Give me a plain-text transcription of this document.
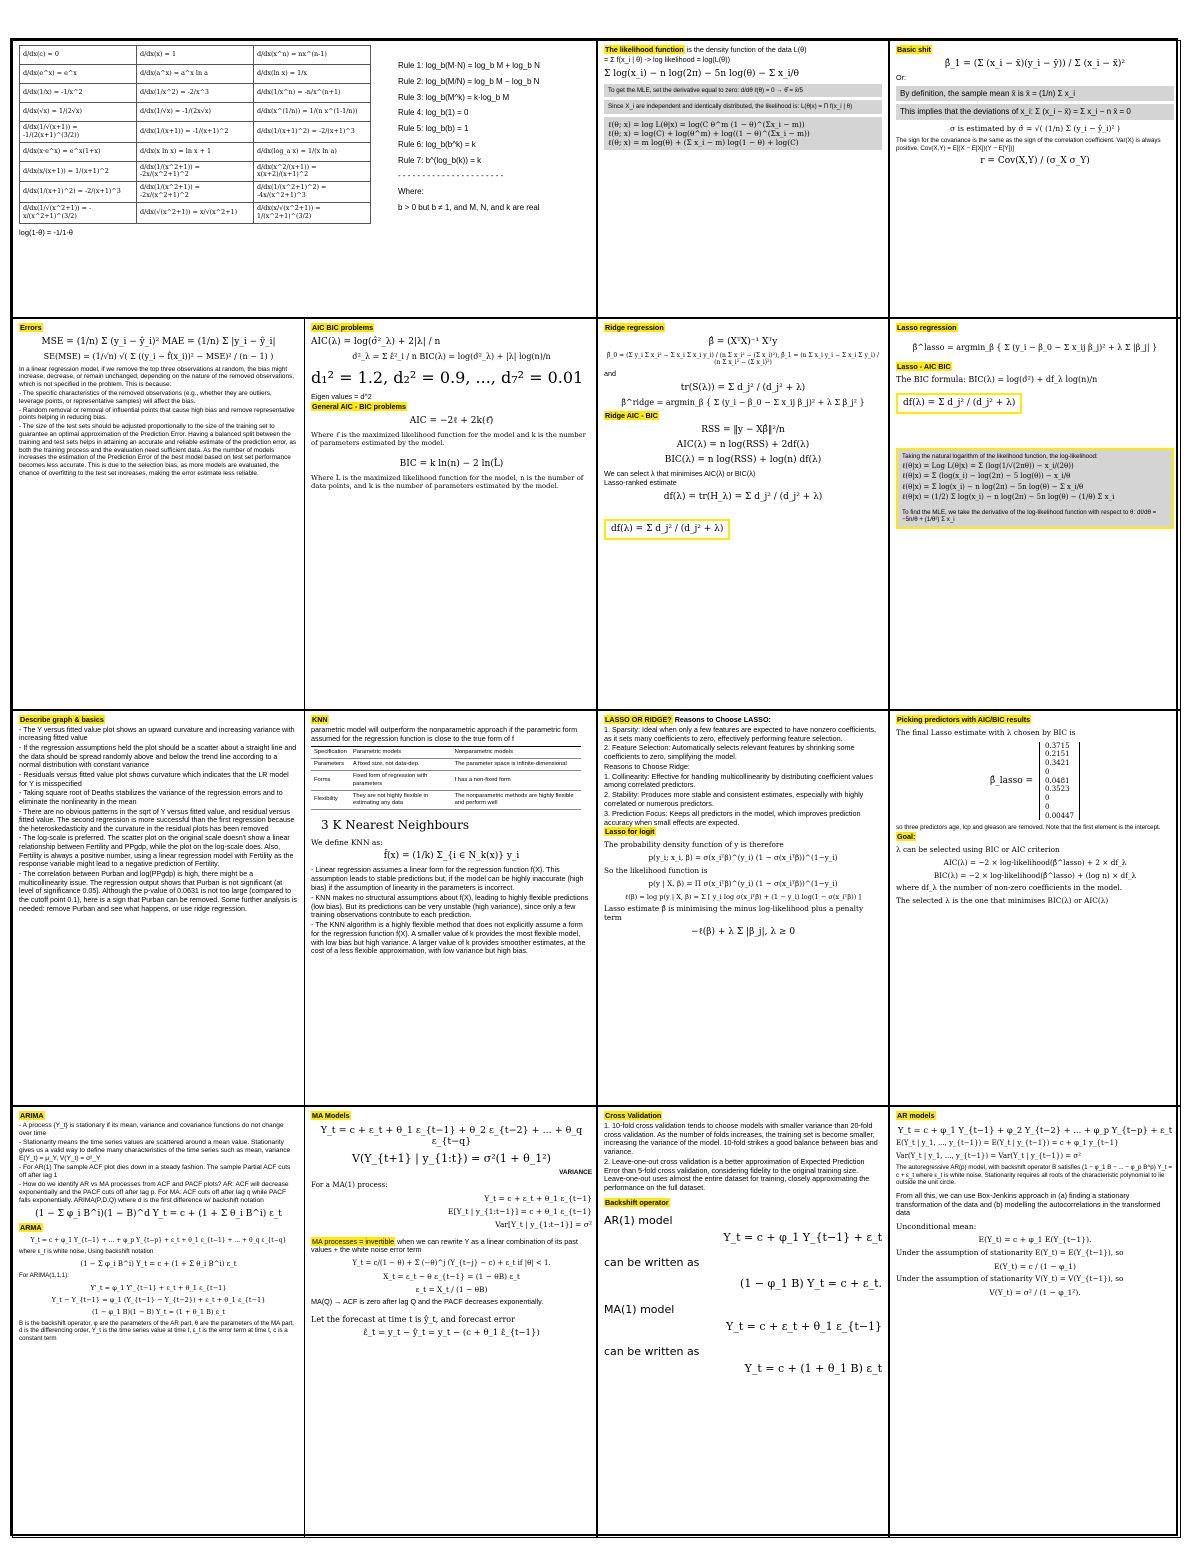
d/dx(c) = 0	d/dx(x) = 1	d/dx(x^n) = nx^(n-1)
d/dx(e^x) = e^x	d/dx(a^x) = a^x ln a	d/dx(ln x) = 1/x
d/dx(1/x) = -1/x^2	d/dx(1/x^2) = -2/x^3	d/dx(1/x^n) = -n/x^(n+1)
d/dx(√x) = 1/(2√x)	d/dx(1/√x) = -1/(2x√x)	d/dx(x^(1/n)) = 1/(n x^(1-1/n))
d/dx(1/√(x+1)) = -1/(2(x+1)^(3/2))	d/dx(1/(x+1)) = -1/(x+1)^2	d/dx(1/(x+1)^2) = -2/(x+1)^3
d/dx(x·e^x) = e^x(1+x)	d/dx(x ln x) = ln x + 1	d/dx(log_a x) = 1/(x ln a)
d/dx(x/(x+1)) = 1/(x+1)^2	d/dx(1/(x^2+1)) = -2x/(x^2+1)^2	d/dx(x^2/(x+1)) = x(x+2)/(x+1)^2
d/dx(1/(x+1)^2) = -2/(x+1)^3	d/dx(1/(x^2+1)) = -2x/(x^2+1)^2	d/dx(1/(x^2+1)^2) = -4x/(x^2+1)^3
d/dx(1/√(x^2+1)) = -x/(x^2+1)^(3/2)	d/dx(√(x^2+1)) = x/√(x^2+1)	d/dx(x/√(x^2+1)) = 1/(x^2+1)^(3/2)
log(1-θ) = -1/1-θ
Rule 1: log_b(M·N) = log_b M + log_b N
Rule 2: log_b(M/N) = log_b M − log_b N
Rule 3: log_b(M^k) = k·log_b M
Rule 4: log_b(1) = 0
Rule 5: log_b(b) = 1
Rule 6: log_b(b^k) = k
Rule 7: b^(log_b(k)) = k
- - - - - - - - - - - - - - - - - - - - - -
Where:
b > 0 but b ≠ 1, and M, N, and k are real
The likelihood function is the density function of the data L(θ)
= Σ f(x_i | θ) -> log likelihood = log(L(θ))
Σ log(x_i) − n log(2π) − 5n log(θ) − Σ x_i/θ
To get the MLE, set the derivative equal to zero: d/dθ ℓ(θ) = 0 → θ̂ = x̄/5
Since X_i are independent and identically distributed, the likelihood is: L(θ|x) = Π f(x_i | θ)
ℓ(θ; x) = log L(θ|x) = log(C θ^m (1 − θ)^(Σx_i − m))
ℓ(θ; x) = log(C) + log(θ^m) + log((1 − θ)^(Σx_i − m))
ℓ(θ; x) = m log(θ) + (Σ x_i − m) log(1 − θ) + log(C)
Basic shit
β̂_1 = (Σ (x_i − x̄)(y_i − ȳ)) / Σ (x_i − x̄)²
Or:
By definition, the sample mean x̄ is x̄ = (1/n) Σ x_i
This implies that the deviations of x_i: Σ (x_i − x̄) = Σ x_i − n x̄ = 0
σ is estimated by σ̂ = √( (1/n) Σ (y_i − ŷ_i)² )
The sign for the covariance is the same as the sign of the correlation coefficient. Var(X) is always positive. Cov(X,Y) = E[(X − E[X])(Y − E[Y])]
r = Cov(X,Y) / (σ_X σ_Y)
Errors
MSE = (1/n) Σ (y_i − ŷ_i)² MAE = (1/n) Σ |y_i − ŷ_i|
SE(MSE) = (1/√n) √( Σ ((y_i − f̂(x_i))² − MSE)² / (n − 1) )
In a linear regression model, if we remove the top three observations at random, the bias might increase, decrease, or remain unchanged, depending on the nature of the removed observations, which is not specified in the problem. This is because:
- The specific characteristics of the removed observations (e.g., whether they are outliers, leverage points, or representative samples) will affect the bias.
- Random removal or removal of influential points that cause high bias and remove representative points helping in reducing bias.
- The size of the test sets should be adjusted proportionally to the size of the training set to guarantee an optimal approximation of the Prediction Error. Having a balanced split between the training and test sets helps in attaining an accurate and reliable estimate of the prediction error, as both the training process and the evaluation need sufficient data. As the number of models increases the estimation of the Prediction Error of the best model based on test set performance becomes less accurate. This is due to the selection bias, as more models are evaluated, the chance of overfitting to the test set increases, making the error estimate less reliable.
AIC BIC problems
AIC(λ) = log(σ̂²_λ) + 2|λ| / n
σ̂²_λ = Σ ε̂²_i / n BIC(λ) = log(σ̂²_λ) + |λ| log(n)/n
d₁² = 1.2, d₂² = 0.9, ..., d₇² = 0.01
Eigen values = d^2
General AIC - BIC problems
AIC = −2ℓ + 2k(ℓ̂)
Where ℓ̂ is the maximized likelihood function for the model and k is the number of parameters estimated by the model.
BIC = k ln(n) − 2 ln(L̂)
Where L̂ is the maximized likelihood function for the model, n is the number of data points, and k is the number of parameters estimated by the model.
Ridge regression
β̂ = (XᵀX)⁻¹ Xᵀy
β̂_0 = (Σ y_i Σ x_i² − Σ x_i Σ x_i y_i) / (n Σ x_i² − (Σ x_i)²), β̂_1 = (n Σ x_i y_i − Σ x_i Σ y_i) / (n Σ x_i² − (Σ x_i)²)
and
tr(S(λ)) = Σ d_j² / (d_j² + λ)
β̂^ridge = argmin_β { Σ (y_i − β_0 − Σ x_ij β_j)² + λ Σ β_j² }
Ridge AIC - BIC
RSS = ‖y − Xβ̂‖²/n
AIC(λ) = n log(RSS) + 2df(λ)
BIC(λ) = n log(RSS) + log(n) df(λ)
We can select λ that minimises AIC(λ) or BIC(λ)
Lasso-ranked estimate
df(λ) = tr(H_λ) = Σ d_j² / (d_j² + λ)
df(λ) = Σ d_j² / (d_j² + λ)
Lasso regression
β̂^lasso = argmin_β { Σ (y_i − β_0 − Σ x_ij β_j)² + λ Σ |β_j| }
Lasso - AIC BIC
The BIC formula: BIC(λ) = log(σ̂²) + df_λ log(n)/n
df(λ) = Σ d_j² / (d_j² + λ)
Taking the natural logarithm of the likelihood function, the log-likelihood:
ℓ(θ|x) = Log L(θ|x) = Σ (log(1/√(2πθ)) − x_i/(2θ))
ℓ(θ|x) = Σ (log(x_i) − log(2π) − 5 log(θ)) − x_i/θ
ℓ(θ|x) = Σ log(x_i) − n log(2π) − 5n log(θ) − Σ x_i/θ
ℓ(θ|x) = (1/2) Σ log(x_i) − n log(2π) − 5n log(θ) − (1/θ) Σ x_i
To find the MLE, we take the derivative of the log-likelihood function with respect to θ: dℓ/dθ = −5n/θ + (1/θ²) Σ x_i
Describe graph & basics
- The Y versus fitted value plot shows an upward curvature and increasing variance with increasing fitted value
- If the regression assumptions held the plot should be a scatter about a straight line and the data should be spread randomly above and below the trend line according to a normal distribution with constant variance
- Residuals versus fitted value plot shows curvature which indicates that the LR model for Y is misspecified
- Taking square root of Deaths stabilizes the variance of the regression errors and to eliminate the nonlinearity in the mean
- There are no obvious patterns in the sqrt of Y versus fitted value, and residual versus fitted value. The second regression is more successful than the first regression because the heteroskedasticity and the curvature in the residual plots has been removed
- The log-scale is preferred. The scatter plot on the original scale doesn't show a linear relationship between Fertility and PPgdp, while the plot on the log-scale does. Also, Fertility is always a positive number, using a linear regression model with Fertility as the response variable might lead to a negative prediction of Fertility.
- The correlation between Purban and log(PPgdp) is high, there might be a multicollinearity issue. The regression output shows that Purban is not significant (at level of significance 0.05). Although the p-value of 0.0631 is not too large (compared to the cutoff point 0.1), here is a sign that Purban can be removed. Some further analysis is needed: remove Purban and see what happens, or use ridge regression.
KNN
parametric model will outperform the nonparametric approach if the parametric form assumed for the regression function is close to the true form of f
Specification	Parametric models	Nonparametric models
Parameters	A fixed size, not data-dep.	The parameter space is infinite-dimensional
Forms	Fixed form of regression with parameters	f has a non-fixed form
Flexibility	They are not highly flexible in estimating any data	The nonparametric methods are highly flexible and perform well
3 K Nearest Neighbours
We define KNN as:
f̂(x) = (1/k) Σ_{i ∈ N_k(x)} y_i
- Linear regression assumes a linear form for the regression function f(X). This assumption leads to stable predictions but, if the model can be highly inaccurate (high bias) if the assumption of linearity in the parameters is incorrect.
- KNN makes no structural assumptions about f(X), leading to highly flexible predictions (low bias). But its predictions can be very unstable (high variance), since only a few training observations contribute to each prediction.
- The KNN algorithm is a highly flexible method that does not explicitly assume a form for the regression function f(X). A smaller value of k provides the most flexible model, with low bias but high variance. A larger value of k provides smoother estimates, at the cost of a less flexible approximation, with low variance but high bias.
LASSO OR RIDGE? Reasons to Choose LASSO:
1. Sparsity: Ideal when only a few features are expected to have nonzero coefficients, as it sets many coefficients to zero, effectively performing feature selection.
2. Feature Selection: Automatically selects relevant features by shrinking some coefficients to zero, simplifying the model.
Reasons to Choose Ridge:
1. Collinearity: Effective for handling multicollinearity by distributing coefficient values among correlated predictors.
2. Stability: Produces more stable and consistent estimates, especially with highly correlated or numerous predictors.
3. Prediction Focus: Keeps all predictors in the model, which improves prediction accuracy when small effects are expected.
Lasso for logit
The probability density function of y is therefore
p(y_i; x_i, β) = σ(x_iᵀβ)^(y_i) (1 − σ(x_iᵀβ))^(1−y_i)
So the likelihood function is
p(y | X, β) = Π σ(x_iᵀβ)^(y_i) (1 − σ(x_iᵀβ))^(1−y_i)
ℓ(β) = log p(y | X, β) = Σ [ y_i log σ(x_iᵀβ) + (1 − y_i) log(1 − σ(x_iᵀβ)) ]
Lasso estimate β̂ is minimising the minus log-likelihood plus a penalty term
−ℓ(β) + λ Σ |β_j|, λ ≥ 0
Picking predictors with AIC/BIC results
The final Lasso estimate with λ chosen by BIC is
β̂_lasso =
0.3715
0.2151
0.3421
0
0.0481
0.3523
0
0
0.00447
so three predictors age, lcp and gleason are removed. Note that the first element is the intercept.
Goal:
λ can be selected using BIC or AIC criterion
AIC(λ) = −2 × log-likelihood(β̂^lasso) + 2 × df_λ
BIC(λ) = −2 × log-likelihood(β̂^lasso) + (log n) × df_λ
where df_λ the number of non-zero coefficients in the model.
The selected λ is the one that minimises BIC(λ) or AIC(λ)
ARIMA
- A process {Y_t} is stationary if its mean, variance and covariance functions do not change over time
- Stationarity means the time series values are scattered around a mean value. Stationarity gives us a valid way to define many characteristics of the time series such as mean, variance E(Y_t) = μ_Y, V(Y_t) = σ²_Y
- For AR(1) The sample ACF plot dies down in a steady fashion. The sample Partial ACF cuts off after lag 1
- How do we identify AR vs MA processes from ACF and PACF plots? AR: ACF will decrease exponentially and the PACF cuts off after lag p. For MA: ACF cuts off after lag q while PACF falls exponentially. ARIMA(P,D,Q) where d is the first difference w/ backshift notation
(1 − Σ φ_i B^i)(1 − B)^d Y_t = c + (1 + Σ θ_i B^i) ε_t
ARMA
Y_t = c + φ_1 Y_{t−1} + ... + φ_p Y_{t−p} + ε_t + θ_1 ε_{t−1} + ... + θ_q ε_{t−q}
where ε_t is white noise, Using backshift notation
(1 − Σ φ_i B^i) Y_t = c + (1 + Σ θ_i B^i) ε_t
For ARIMA(1,1,1):
Y'_t = φ_1 Y'_{t−1} + ε_t + θ_1 ε_{t−1}
Y_t − Y_{t−1} = φ_1 (Y_{t−1} − Y_{t−2}) + ε_t + θ_1 ε_{t−1}
(1 − φ_1 B)(1 − B) Y_t = (1 + θ_1 B) ε_t
B is the backshift operator, φ are the parameters of the AR part, θ are the parameters of the MA part, d is the differencing order, Y_t is the time series value at time t, ε_t is the error term at time t, c is a constant term
MA Models
Y_t = c + ε_t + θ_1 ε_{t−1} + θ_2 ε_{t−2} + ... + θ_q ε_{t−q}
V(Y_{t+1} | y_{1:t}) = σ²(1 + θ_1²)
VARIANCE
For a MA(1) process:
Y_t = c + ε_t + θ_1 ε_{t−1}
E[Y_t | y_{1:t−1}] = c + θ_1 ε_{t−1}
Var[Y_t | y_{1:t−1}] = σ²
MA processes = invertible when we can rewrite Y as a linear combination of its past values + the white noise error term
Y_t = c/(1 − θ) + Σ (−θ)^j (Y_{t−j} − c) + ε_t if |θ| < 1.
X_t = ε_t − θ ε_{t−1} = (1 − θB) ε_t
ε_t = X_t / (1 − θB)
MA(Q) → ACF is zero after lag Q and the PACF decreases exponentially.
Let the forecast at time t is ŷ_t, and forecast error
ε̂_t = y_t − ŷ_t = y_t − (c + θ_1 ε̂_{t−1})
Cross Validation
1. 10-fold cross validation tends to choose models with smaller variance than 20-fold cross validation. As the number of folds increases, the training set is become smaller, increasing the variance of the model. 10-fold strikes a good balance between bias and variance.
2. Leave-one-out cross validation is a better approximation of Expected Prediction Error than 5-fold cross validation, considering fidelity to the original training size. Leave-one-out uses almost the entire dataset for training, closely approximating the performance on the full dataset.
Backshift operator
AR(1) model
Y_t = c + φ_1 Y_{t−1} + ε_t
can be written as
(1 − φ_1 B) Y_t = c + ε_t.
MA(1) model
Y_t = c + ε_t + θ_1 ε_{t−1}
can be written as
Y_t = c + (1 + θ_1 B) ε_t
AR models
Y_t = c + φ_1 Y_{t−1} + φ_2 Y_{t−2} + ... + φ_p Y_{t−p} + ε_t
E(Y_t | y_1, ..., y_{t−1}) = E(Y_t | y_{t−1}) = c + φ_1 y_{t−1}
Var(Y_t | y_1, ..., y_{t−1}) = Var(Y_t | y_{t−1}) = σ²
The autoregressive AR(p) model, with backshift operator B satisfies (1 − φ_1 B − ... − φ_p B^p) Y_t = c + ε_t where ε_t is white noise. Stationarity requires all roots of the characteristic polynomial to lie outside the unit circle.
From all this, we can use Box-Jenkins approach in (a) finding a stationary transformation of the data and (b) modelling the autocorrelations in the transformed data
Unconditional mean:
E(Y_t) = c + φ_1 E(Y_{t−1}).
Under the assumption of stationarity E(Y_t) = E(Y_{t−1}), so
E(Y_t) = c / (1 − φ_1)
Under the assumption of stationarity V(Y_t) = V(Y_{t−1}), so
V(Y_t) = σ² / (1 − φ_1²).
